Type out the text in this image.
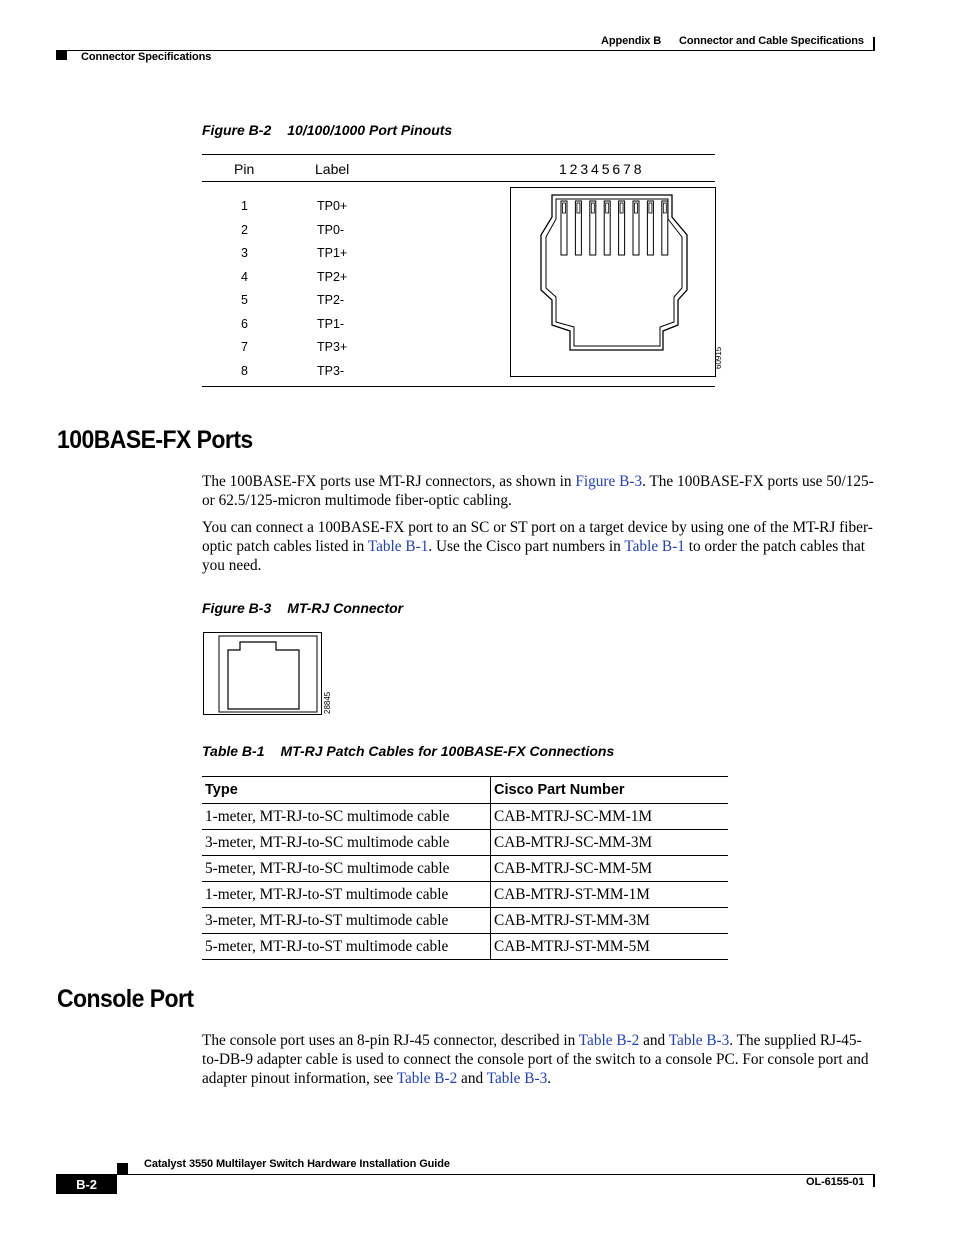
Appendix B Connector and Cable Specifications
Connector Specifications
Figure B-2 10/100/1000 Port Pinouts
Pin	Label	1 2 3 4 5 6 7 8
1	TP0+
2	TP0-
3	TP1+
4	TP2+
5	TP2-
6	TP1-
7	TP3+
8	TP3-
60915
100BASE-FX Ports

The 100BASE-FX ports use MT-RJ connectors, as shown in Figure B-3. The 100BASE-FX ports use 50/125- or 62.5/125-micron multimode fiber-optic cabling.

You can connect a 100BASE-FX port to an SC or ST port on a target device by using one of the MT-RJ fiber-optic patch cables listed in Table B-1. Use the Cisco part numbers in Table B-1 to order the patch cables that you need.

Figure B-3 MT-RJ Connector
28845
Table B-1 MT-RJ Patch Cables for 100BASE-FX Connections
Type	Cisco Part Number
1-meter, MT-RJ-to-SC multimode cable	CAB-MTRJ-SC-MM-1M
3-meter, MT-RJ-to-SC multimode cable	CAB-MTRJ-SC-MM-3M
5-meter, MT-RJ-to-SC multimode cable	CAB-MTRJ-SC-MM-5M
1-meter, MT-RJ-to-ST multimode cable	CAB-MTRJ-ST-MM-1M
3-meter, MT-RJ-to-ST multimode cable	CAB-MTRJ-ST-MM-3M
5-meter, MT-RJ-to-ST multimode cable	CAB-MTRJ-ST-MM-5M
Console Port

The console port uses an 8-pin RJ-45 connector, described in Table B-2 and Table B-3. The supplied RJ-45-to-DB-9 adapter cable is used to connect the console port of the switch to a console PC. For console port and adapter pinout information, see Table B-2 and Table B-3.

Catalyst 3550 Multilayer Switch Hardware Installation Guide
B-2	OL-6155-01
